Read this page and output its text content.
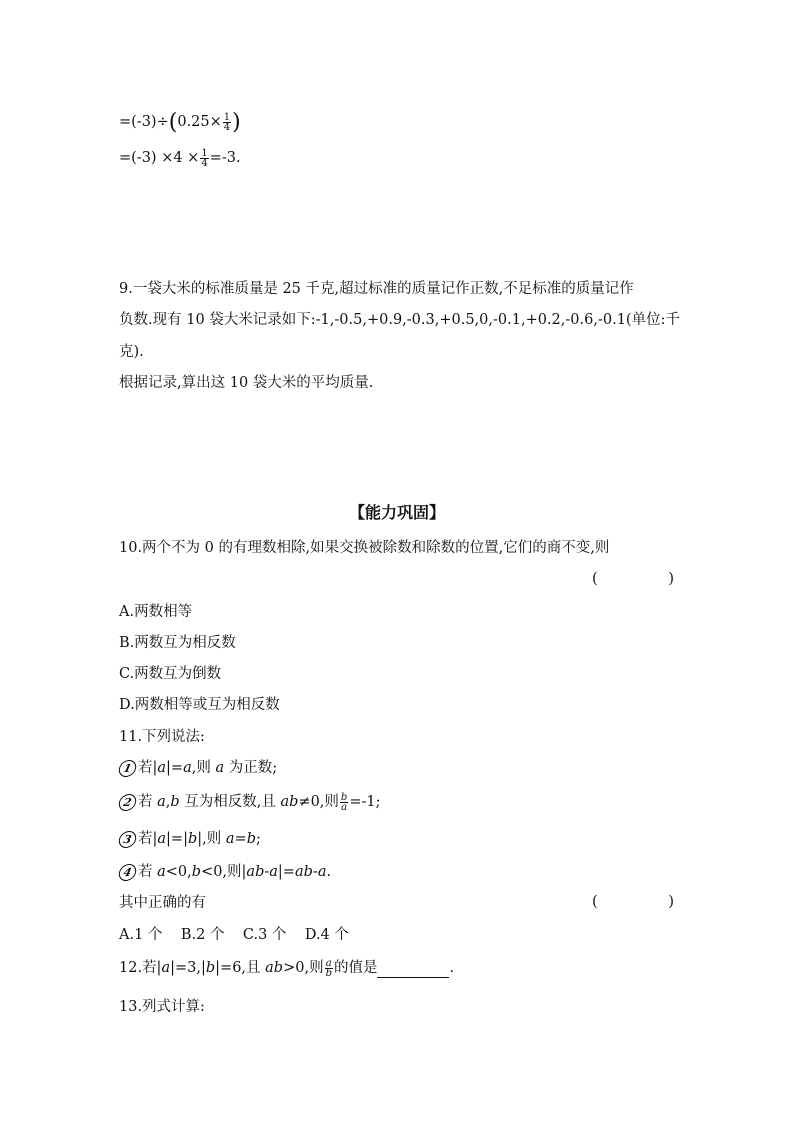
$=(-3)\div(0.25\times \frac{1}{4}$ )
$=(-3) \times 4 \times \frac{1}{4} =-3$.
9.一袋大米的标准质量是 25 千克,超过标准的质量记作正数,不足标准的质量记作
负数.现有 10 袋大米记录如下:-1,-0.5,+0.9,-0.3,+0.5,0,-0.1,+0.2,-0.6,-0.1(单位:千
克).
根据记录,算出这 10 袋大米的平均质量.
【能力巩固】
10.两个不为 0 的有理数相除,如果交换被除数和除数的位置,它们的商不变,则
(	)
A.两数相等
B.两数互为相反数
C.两数互为倒数
D.两数相等或互为相反数
11.下列说法:
1 若|a|=a,则 a 为正数;
2 若 a,b 互为相反数,且 ab≠0,则 $\frac{b}{a} =-1$;
3 若|a|=|b|,则 a=b;
4 若 a<0,b<0,则|ab-a|=ab-a.
其中正确的有	(	)
A.1 个    B.2 个    C.3 个    D.4 个
12.若|a|=3,|b|=6,且 ab>0,则 $\frac{a}{b}$ 的值是	.
13.列式计算:
